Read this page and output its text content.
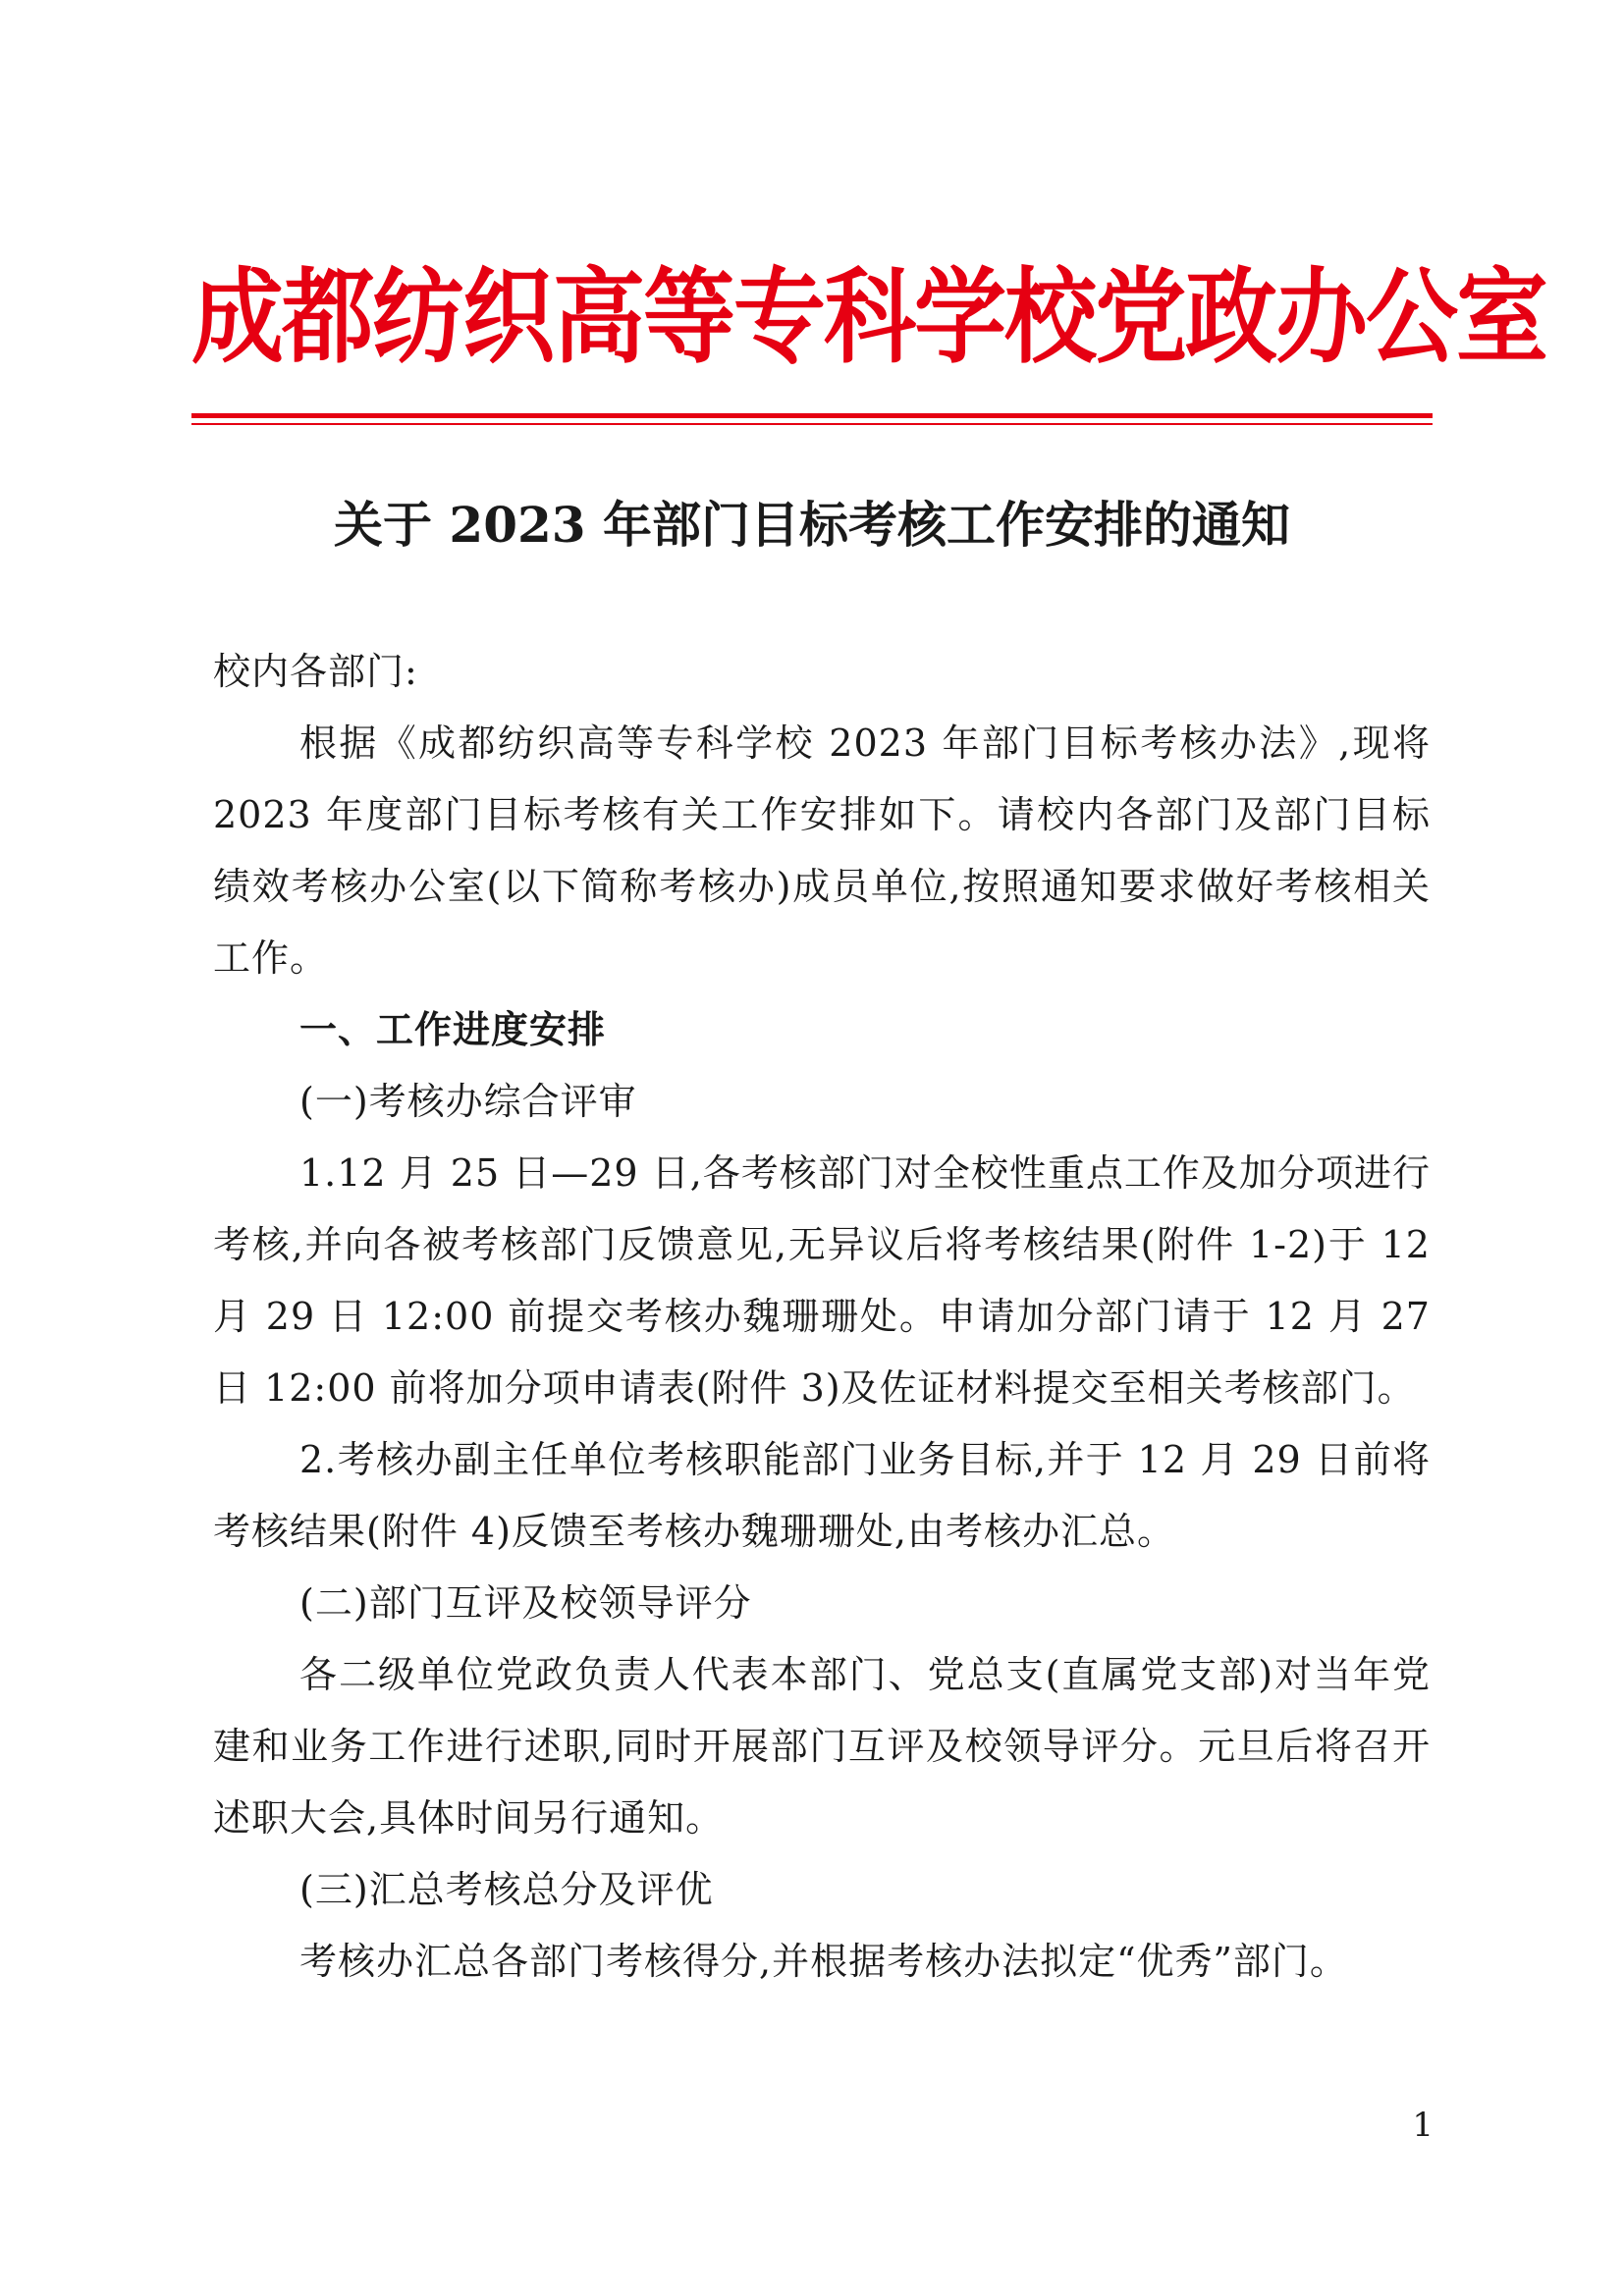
成都纺织高等专科学校党政办公室
关于 2023 年部门目标考核工作安排的通知

校内各部门:

根据《成都纺织高等专科学校 2023 年部门目标考核办法》,现将 2023 年度部门目标考核有关工作安排如下。请校内各部门及部门目标绩效考核办公室(以下简称考核办)成员单位,按照通知要求做好考核相关工作。

一、工作进度安排

(一)考核办综合评审

1.12 月 25 日—29 日,各考核部门对全校性重点工作及加分项进行考核,并向各被考核部门反馈意见,无异议后将考核结果(附件 1-2)于 12 月 29 日 12:00 前提交考核办魏珊珊处。申请加分部门请于 12 月 27 日 12:00 前将加分项申请表(附件 3)及佐证材料提交至相关考核部门。

2.考核办副主任单位考核职能部门业务目标,并于 12 月 29 日前将考核结果(附件 4)反馈至考核办魏珊珊处,由考核办汇总。

(二)部门互评及校领导评分

各二级单位党政负责人代表本部门、党总支(直属党支部)对当年党建和业务工作进行述职,同时开展部门互评及校领导评分。元旦后将召开述职大会,具体时间另行通知。

(三)汇总考核总分及评优

考核办汇总各部门考核得分,并根据考核办法拟定“优秀”部门。

1
